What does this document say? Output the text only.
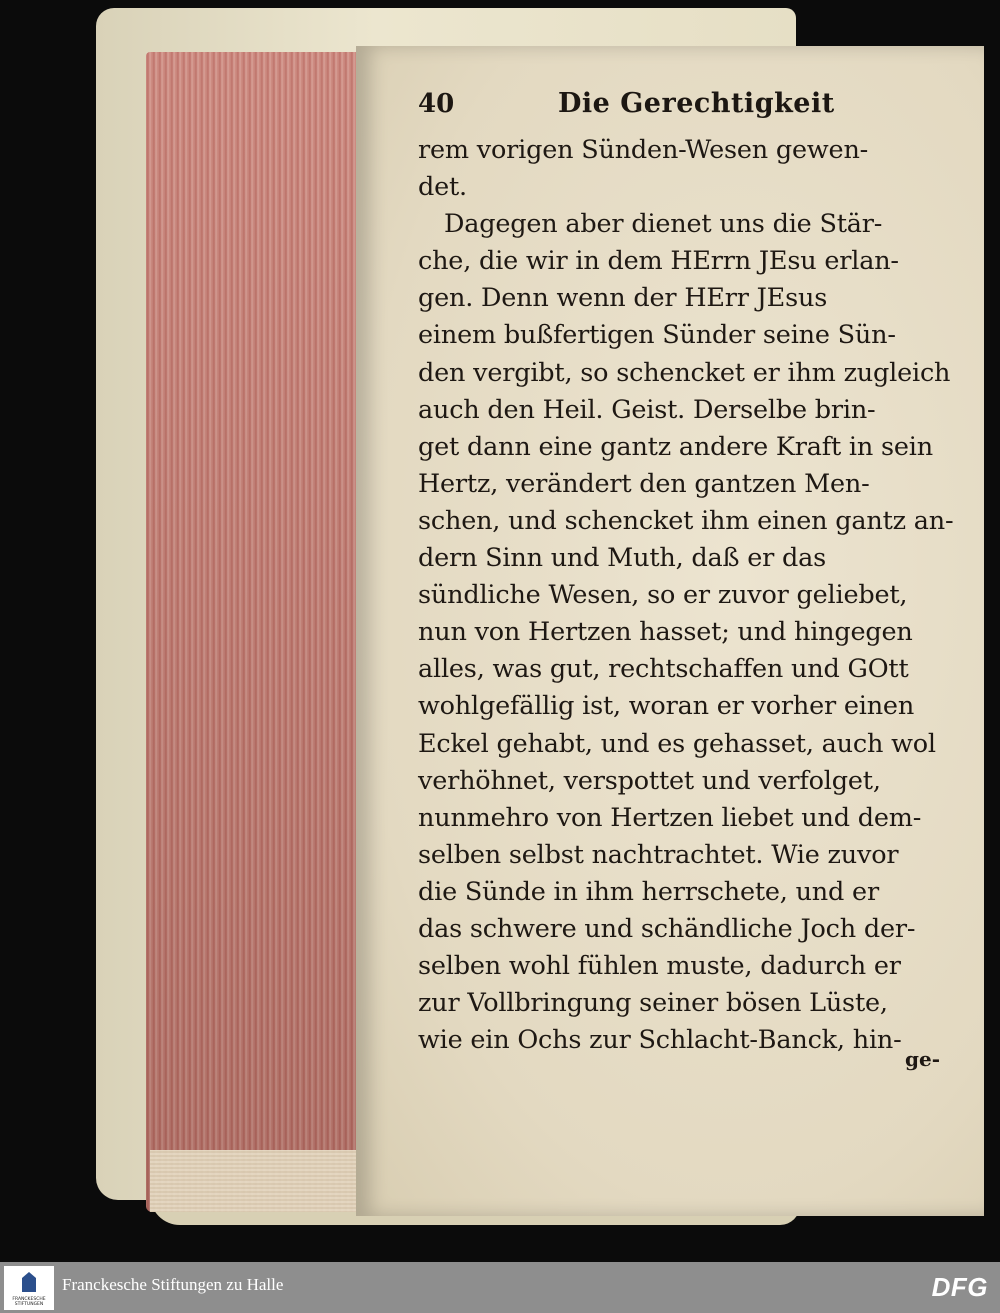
40	Die Gerechtigkeit
rem vorigen Sünden-Wesen gewen-
det.
Dagegen aber dienet uns die Stär-
che, die wir in dem HErrn JEsu erlan-
gen. Denn wenn der HErr JEsus
einem bußfertigen Sünder seine Sün-
den vergibt, so schencket er ihm zugleich
auch den Heil. Geist. Derselbe brin-
get dann eine gantz andere Kraft in sein
Hertz, verändert den gantzen Men-
schen, und schencket ihm einen gantz an-
dern Sinn und Muth, daß er das
sündliche Wesen, so er zuvor geliebet,
nun von Hertzen hasset; und hingegen
alles, was gut, rechtschaffen und GOtt
wohlgefällig ist, woran er vorher einen
Eckel gehabt, und es gehasset, auch wol
verhöhnet, verspottet und verfolget,
nunmehro von Hertzen liebet und dem-
selben selbst nachtrachtet. Wie zuvor
die Sünde in ihm herrschete, und er
das schwere und schändliche Joch der-
selben wohl fühlen muste, dadurch er
zur Vollbringung seiner bösen Lüste,
wie ein Ochs zur Schlacht-Banck, hin-
ge-
FRANCKESCHE STIFTUNGEN
Franckesche Stiftungen zu Halle	DFG
